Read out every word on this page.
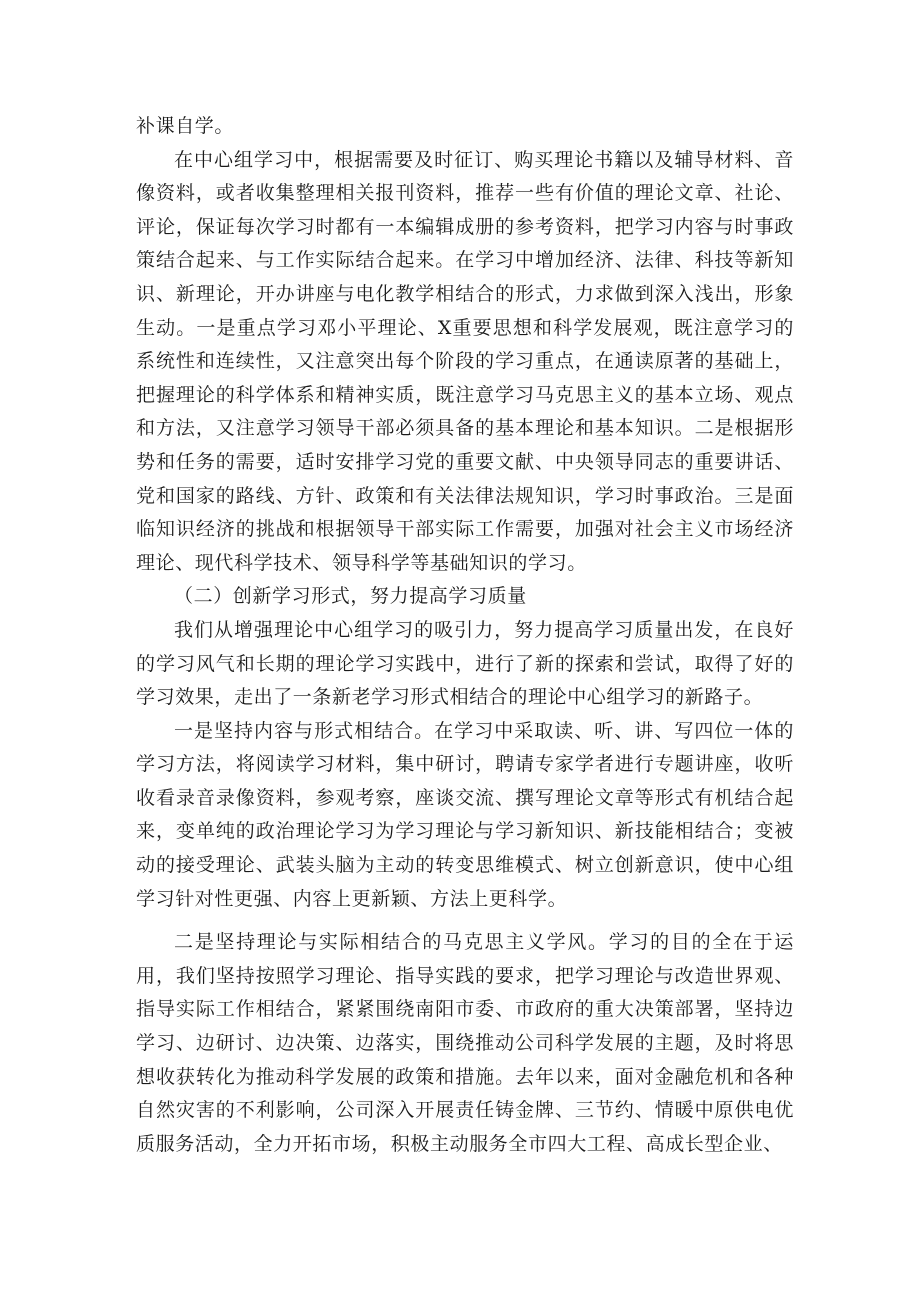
补课自学。

在中心组学习中，根据需要及时征订、购买理论书籍以及辅导材料、音像资料，或者收集整理相关报刊资料，推荐一些有价值的理论文章、社论、评论，保证每次学习时都有一本编辑成册的参考资料，把学习内容与时事政策结合起来、与工作实际结合起来。在学习中增加经济、法律、科技等新知识、新理论，开办讲座与电化教学相结合的形式，力求做到深入浅出，形象生动。一是重点学习邓小平理论、X重要思想和科学发展观，既注意学习的系统性和连续性，又注意突出每个阶段的学习重点，在通读原著的基础上，把握理论的科学体系和精神实质，既注意学习马克思主义的基本立场、观点和方法，又注意学习领导干部必须具备的基本理论和基本知识。二是根据形势和任务的需要，适时安排学习党的重要文献、中央领导同志的重要讲话、党和国家的路线、方针、政策和有关法律法规知识，学习时事政治。三是面临知识经济的挑战和根据领导干部实际工作需要，加强对社会主义市场经济理论、现代科学技术、领导科学等基础知识的学习。

（二）创新学习形式，努力提高学习质量

我们从增强理论中心组学习的吸引力，努力提高学习质量出发，在良好的学习风气和长期的理论学习实践中，进行了新的探索和尝试，取得了好的学习效果，走出了一条新老学习形式相结合的理论中心组学习的新路子。

一是坚持内容与形式相结合。在学习中采取读、听、讲、写四位一体的学习方法，将阅读学习材料，集中研讨，聘请专家学者进行专题讲座，收听收看录音录像资料，参观考察，座谈交流、撰写理论文章等形式有机结合起来，变单纯的政治理论学习为学习理论与学习新知识、新技能相结合；变被动的接受理论、武装头脑为主动的转变思维模式、树立创新意识，使中心组学习针对性更强、内容上更新颖、方法上更科学。

二是坚持理论与实际相结合的马克思主义学风。学习的目的全在于运用，我们坚持按照学习理论、指导实践的要求，把学习理论与改造世界观、指导实际工作相结合，紧紧围绕南阳市委、市政府的重大决策部署，坚持边学习、边研讨、边决策、边落实，围绕推动公司科学发展的主题，及时将思想收获转化为推动科学发展的政策和措施。去年以来，面对金融危机和各种自然灾害的不利影响，公司深入开展责任铸金牌、三节约、情暖中原供电优质服务活动，全力开拓市场，积极主动服务全市四大工程、高成长型企业、
